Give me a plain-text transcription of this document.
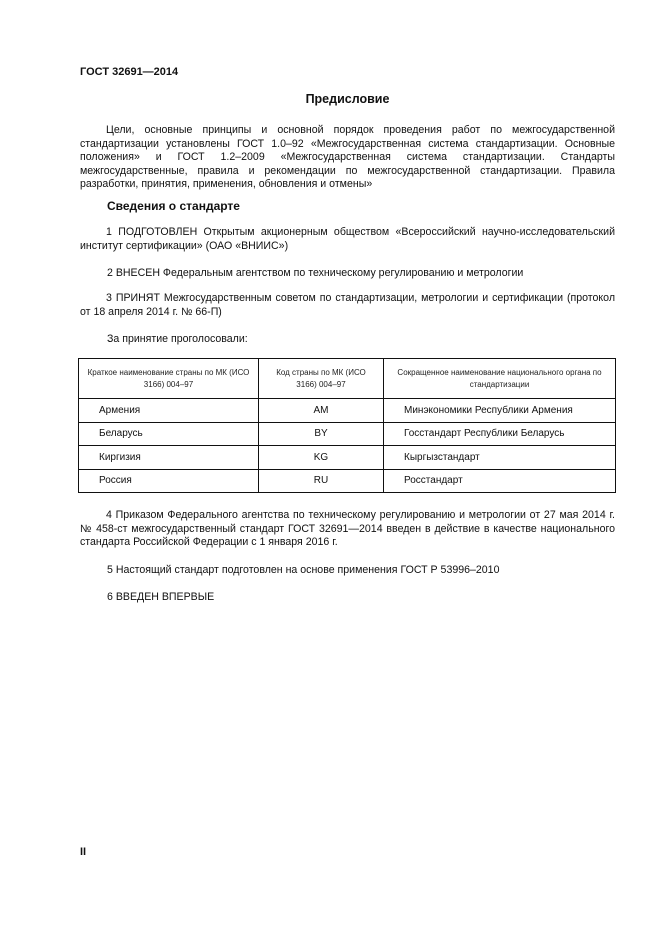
ГОСТ 32691—2014
Предисловие
Цели, основные принципы и основной порядок проведения работ по межгосударственной стандартизации установлены ГОСТ 1.0–92 «Межгосударственная система стандартизации. Основные положения» и ГОСТ 1.2–2009 «Межгосударственная система стандартизации. Стандарты межгосударственные, правила и рекомендации по межгосударственной стандартизации. Правила разработки, принятия, применения, обновления и отмены»
Сведения о стандарте
1 ПОДГОТОВЛЕН Открытым акционерным обществом «Всероссийский научно-исследовательский институт сертификации» (ОАО «ВНИИС»)
2 ВНЕСЕН Федеральным агентством по техническому регулированию и метрологии
3 ПРИНЯТ Межгосударственным советом по стандартизации, метрологии и сертификации (протокол от 18 апреля 2014 г. № 66-П)
За принятие проголосовали:
Краткое наименование страны по МК (ИСО 3166) 004–97	Код страны по МК (ИСО 3166) 004–97	Сокращенное наименование национального органа по стандартизации
Армения	AM	Минэкономики Республики Армения
Беларусь	BY	Госстандарт Республики Беларусь
Киргизия	KG	Кыргызстандарт
Россия	RU	Росстандарт
4 Приказом Федерального агентства по техническому регулированию и метрологии от 27 мая 2014 г. № 458-ст межгосударственный стандарт ГОСТ 32691—2014 введен в действие в качестве национального стандарта Российской Федерации с 1 января 2016 г.
5 Настоящий стандарт подготовлен на основе применения ГОСТ Р 53996–2010
6 ВВЕДЕН ВПЕРВЫЕ
II
